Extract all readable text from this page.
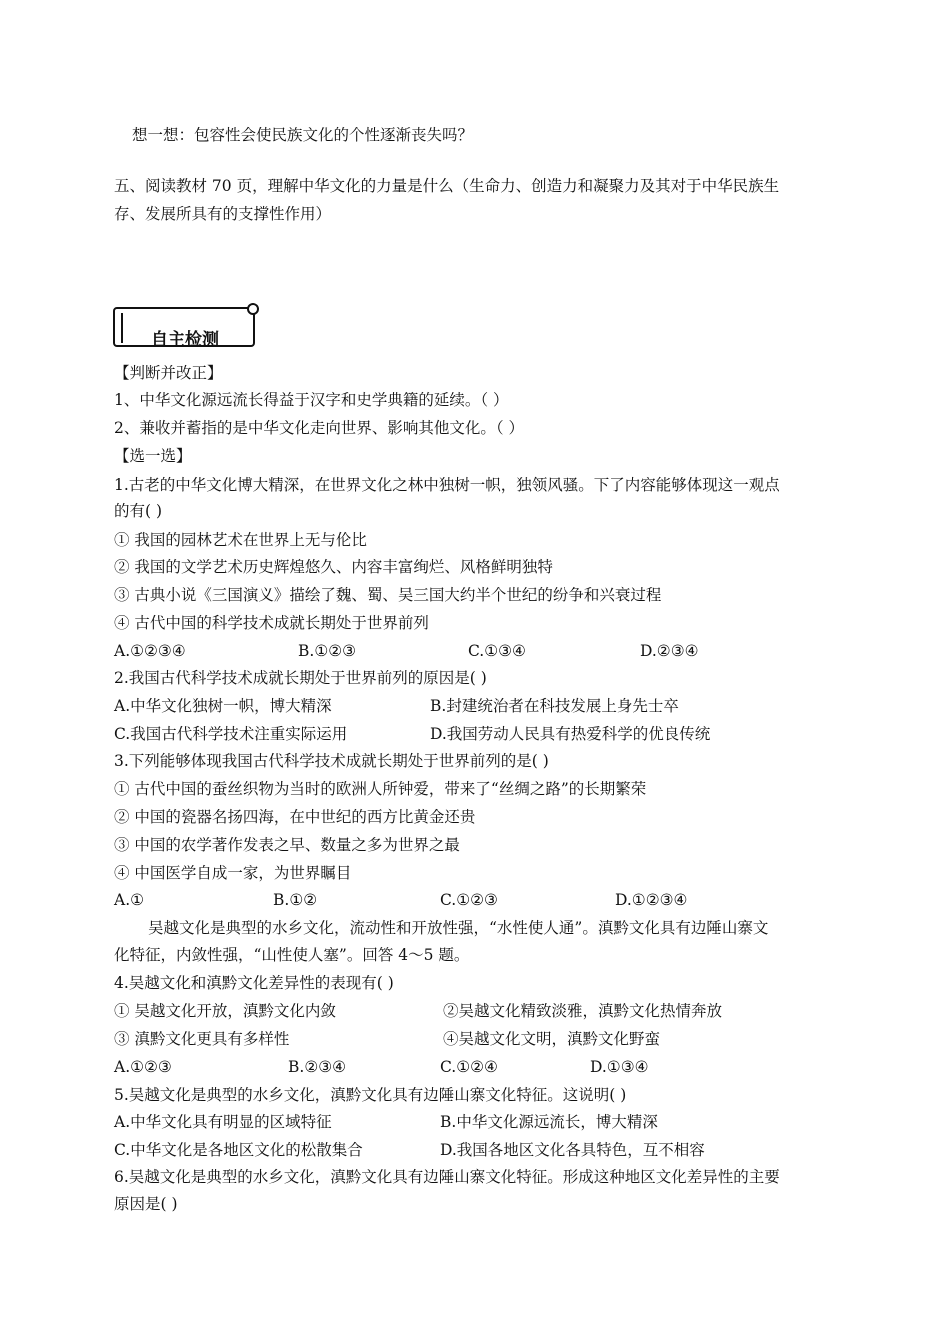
想一想：包容性会使民族文化的个性逐渐丧失吗？
五、阅读教材 70 页，理解中华文化的力量是什么（生命力、创造力和凝聚力及其对于中华民族生
存、发展所具有的支撑性作用）
自主检测
【判断并改正】
1、中华文化源远流长得益于汉字和史学典籍的延续。（ ）
2、兼收并蓄指的是中华文化走向世界、影响其他文化。（ ）
【选一选】
1.古老的中华文化博大精深，在世界文化之林中独树一帜，独领风骚。下了内容能够体现这一观点
的有( )
① 我国的园林艺术在世界上无与伦比
② 我国的文学艺术历史辉煌悠久、内容丰富绚烂、风格鲜明独特
③ 古典小说《三国演义》描绘了魏、蜀、吴三国大约半个世纪的纷争和兴衰过程
④ 古代中国的科学技术成就长期处于世界前列
A.①②③④	B.①②③	C.①③④	D.②③④
2.我国古代科学技术成就长期处于世界前列的原因是( )
A.中华文化独树一帜，博大精深	B.封建统治者在科技发展上身先士卒
C.我国古代科学技术注重实际运用	D.我国劳动人民具有热爱科学的优良传统
3.下列能够体现我国古代科学技术成就长期处于世界前列的是( )
① 古代中国的蚕丝织物为当时的欧洲人所钟爱，带来了“丝绸之路”的长期繁荣
② 中国的瓷器名扬四海，在中世纪的西方比黄金还贵
③ 中国的农学著作发表之早、数量之多为世界之最
④ 中国医学自成一家，为世界瞩目
A.①	B.①②	C.①②③	D.①②③④
吴越文化是典型的水乡文化，流动性和开放性强，“水性使人通”。滇黔文化具有边陲山寨文
化特征，内敛性强，“山性使人塞”。回答 4～5 题。
4.吴越文化和滇黔文化差异性的表现有( )
① 吴越文化开放，滇黔文化内敛	②吴越文化精致淡雅，滇黔文化热情奔放
③ 滇黔文化更具有多样性	④吴越文化文明，滇黔文化野蛮
A.①②③	B.②③④	C.①②④	D.①③④
5.吴越文化是典型的水乡文化，滇黔文化具有边陲山寨文化特征。这说明( )
A.中华文化具有明显的区域特征	B.中华文化源远流长，博大精深
C.中华文化是各地区文化的松散集合	D.我国各地区文化各具特色，互不相容
6.吴越文化是典型的水乡文化，滇黔文化具有边陲山寨文化特征。形成这种地区文化差异性的主要
原因是( )
